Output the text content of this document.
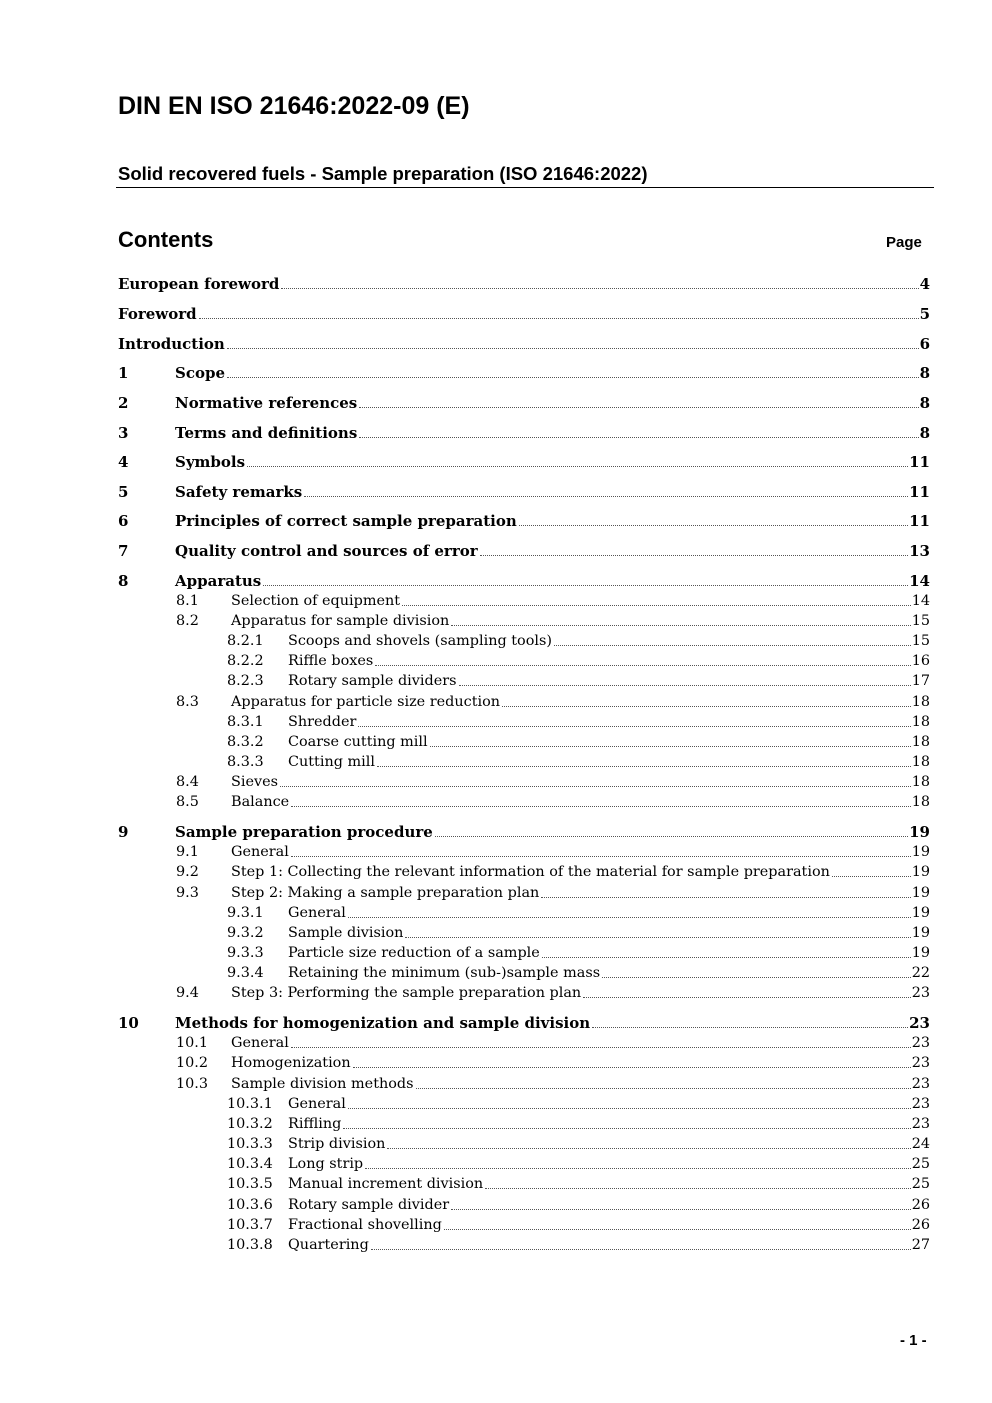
DIN EN ISO 21646:2022-09 (E)
Solid recovered fuels - Sample preparation (ISO 21646:2022)
Contents	Page
European foreword	4
Foreword	5
Introduction	6
1	Scope	8
2	Normative references	8
3	Terms and definitions	8
4	Symbols	11
5	Safety remarks	11
6	Principles of correct sample preparation	11
7	Quality control and sources of error	13
8	Apparatus	14
8.1 Selection of equipment	14
8.2 Apparatus for sample division	15
8.2.1 Scoops and shovels (sampling tools)	15
8.2.2 Riffle boxes	16
8.2.3 Rotary sample dividers	17
8.3 Apparatus for particle size reduction	18
8.3.1 Shredder	18
8.3.2 Coarse cutting mill	18
8.3.3 Cutting mill	18
8.4 Sieves	18
8.5 Balance	18
9	Sample preparation procedure	19
9.1 General	19
9.2 Step 1: Collecting the relevant information of the material for sample preparation	19
9.3 Step 2: Making a sample preparation plan	19
9.3.1 General	19
9.3.2 Sample division	19
9.3.3 Particle size reduction of a sample	19
9.3.4 Retaining the minimum (sub-)sample mass	22
9.4 Step 3: Performing the sample preparation plan	23
10 Methods for homogenization and sample division	23
10.1 General	23
10.2 Homogenization	23
10.3 Sample division methods	23
10.3.1 General	23
10.3.2 Riffling	23
10.3.3 Strip division	24
10.3.4 Long strip	25
10.3.5 Manual increment division	25
10.3.6 Rotary sample divider	26
10.3.7 Fractional shovelling	26
10.3.8 Quartering	27
- 1 -
